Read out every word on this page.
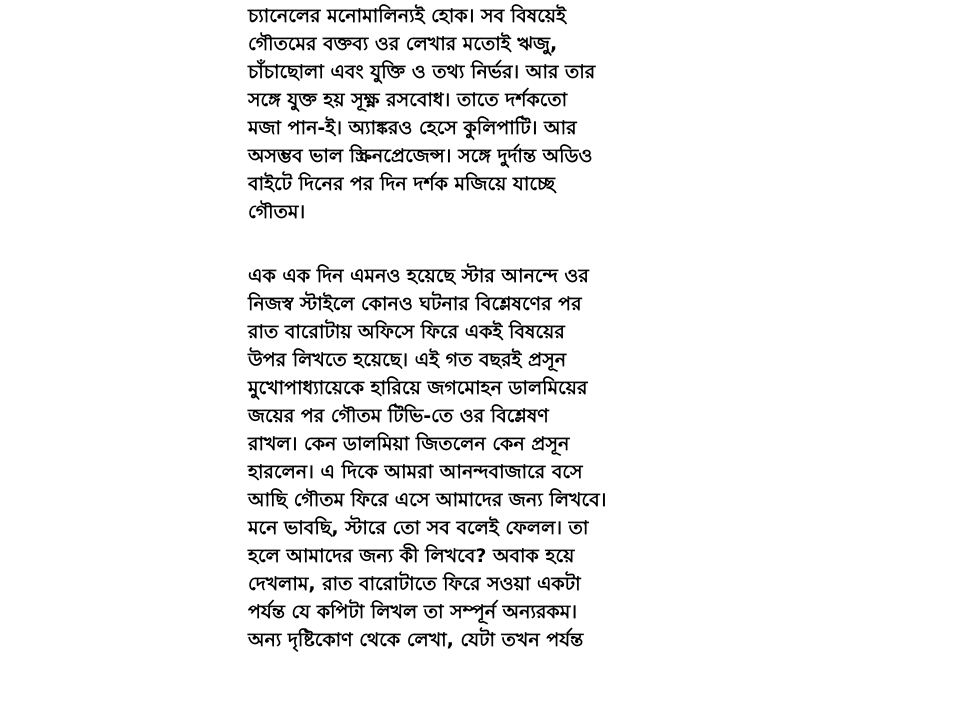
চ্যানেলের মনোমালিন্যই হোক। সব বিষয়েই
গৌতমের বক্তব্য ওর লেখার মতোই ঋজু,
চাঁচাছোলা এবং যুক্তি ও তথ্য নির্ভর। আর তার
সঙ্গে যুক্ত হয় সূক্ষ্ণ রসবোধ। তাতে দর্শকতো
মজা পান-ই। অ্যাঙ্করও হেসে কুলিপাটি। আর
অসম্ভব ভাল স্ক্রিনপ্রেজেন্স। সঙ্গে দুর্দান্ত অডিও
বাইটে দিনের পর দিন দর্শক মজিয়ে যাচ্ছে
গৌতম।
এক এক দিন এমনও হয়েছে স্টার আনন্দে ওর
নিজস্ব স্টাইলে কোনও ঘটনার বিশ্লেষণের পর
রাত বারোটায় অফিসে ফিরে একই বিষয়ের
উপর লিখতে হয়েছে। এই গত বছরই প্রসূন
মুখোপাধ্যায়েকে হারিয়ে জগমোহন ডালমিয়ের
জয়ের পর গৌতম টিভি-তে ওর বিশ্লেষণ
রাখল। কেন ডালমিয়া জিতলেন কেন প্রসূন
হারলেন। এ দিকে আমরা আনন্দবাজারে বসে
আছি গৌতম ফিরে এসে আমাদের জন্য লিখবে।
মনে ভাবছি, স্টারে তো সব বলেই ফেলল। তা
হলে আমাদের জন্য কী লিখবে? অবাক হয়ে
দেখলাম, রাত বারোটাতে ফিরে সওয়া একটা
পর্যন্ত যে কপিটা লিখল তা সম্পূর্ন অন্যরকম।
অন্য দৃষ্টিকোণ থেকে লেখা, যেটা তখন পর্যন্ত
